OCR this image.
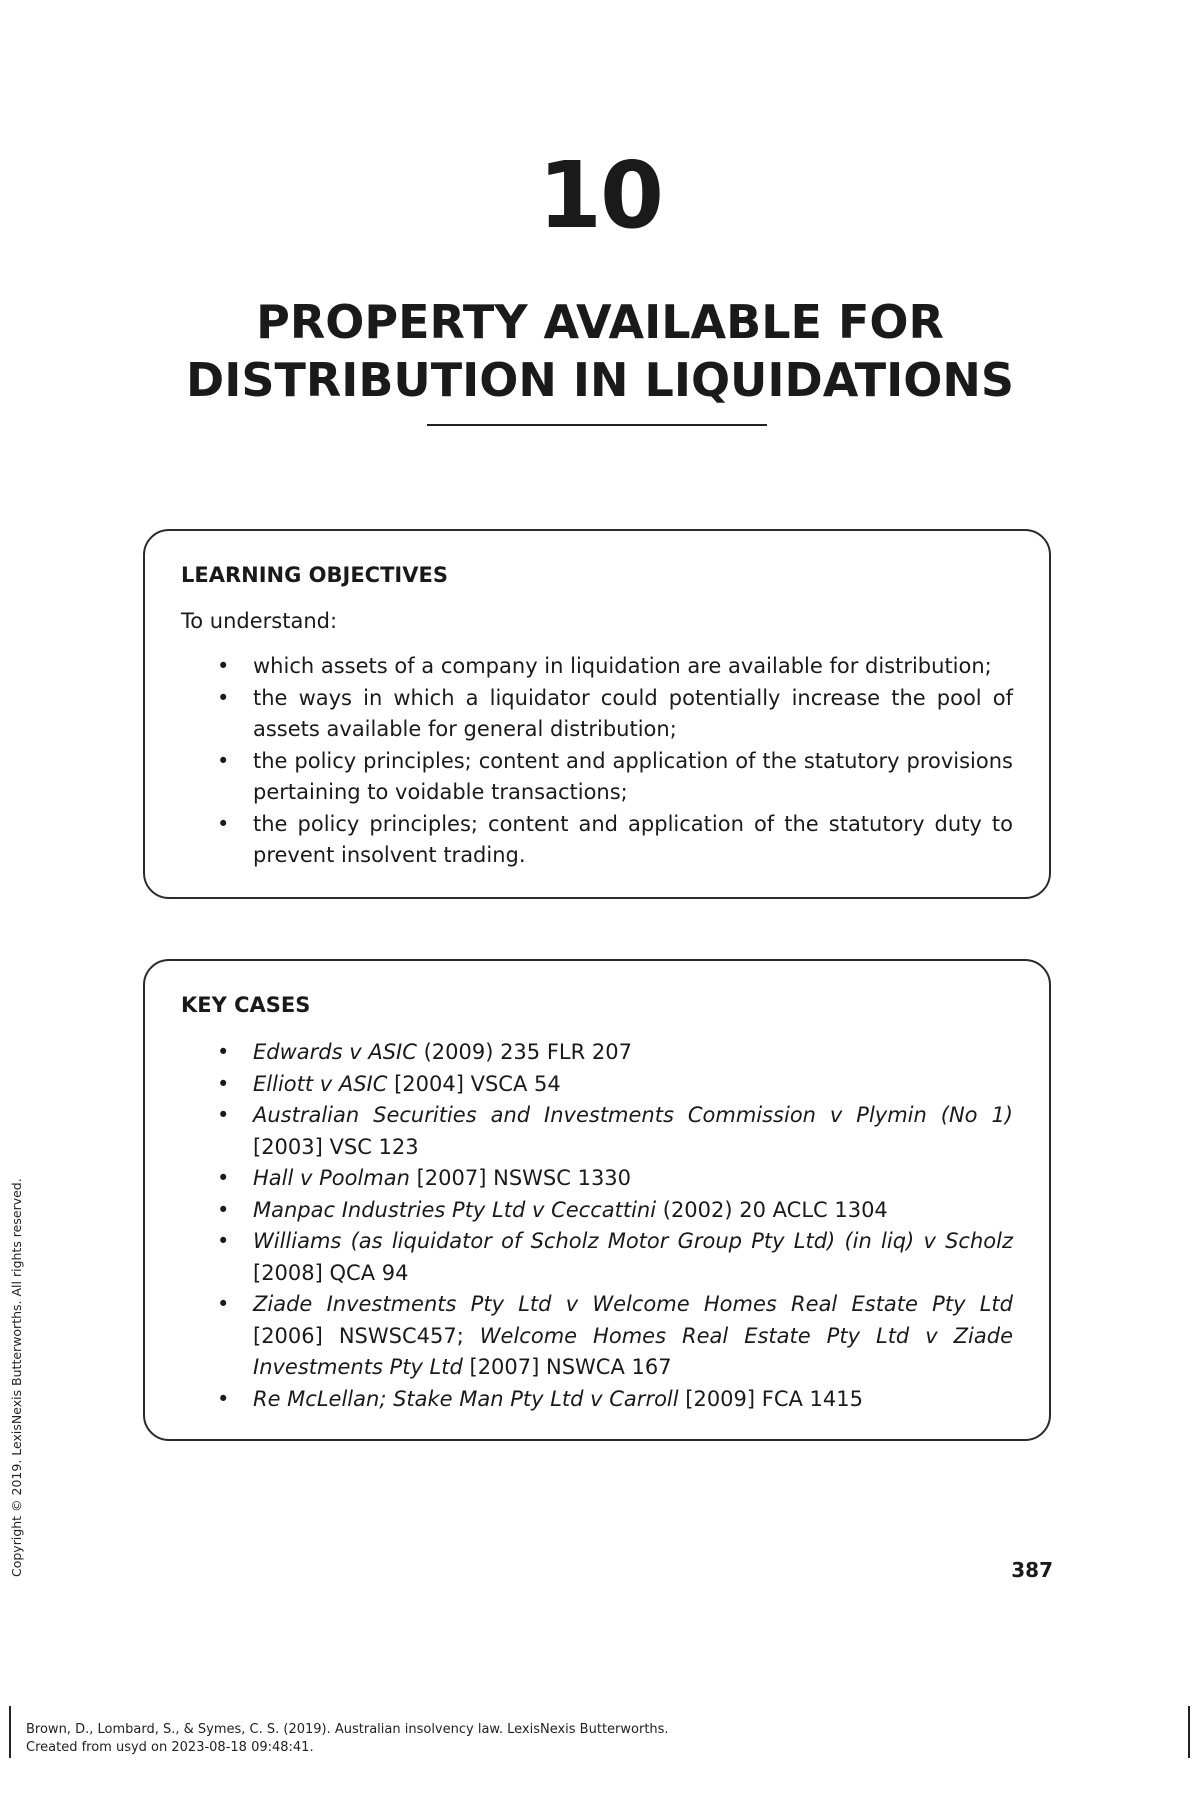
10
PROPERTY AVAILABLE FOR
DISTRIBUTION IN LIQUIDATIONS

LEARNING OBJECTIVES

To understand:

• which assets of a company in liquidation are available for distribution;
• the ways in which a liquidator could potentially increase the pool of assets available for general distribution;
• the policy principles; content and application of the statutory provisions pertaining to voidable transactions;
• the policy principles; content and application of the statutory duty to prevent insolvent trading.

KEY CASES

• Edwards v ASIC (2009) 235 FLR 207
• Elliott v ASIC [2004] VSCA 54
• Australian Securities and Investments Commission v Plymin (No 1) [2003] VSC 123
• Hall v Poolman [2007] NSWSC 1330
• Manpac Industries Pty Ltd v Ceccattini (2002) 20 ACLC 1304
• Williams (as liquidator of Scholz Motor Group Pty Ltd) (in liq) v Scholz [2008] QCA 94
• Ziade Investments Pty Ltd v Welcome Homes Real Estate Pty Ltd [2006] NSWSC457; Welcome Homes Real Estate Pty Ltd v Ziade Investments Pty Ltd [2007] NSWCA 167
• Re McLellan; Stake Man Pty Ltd v Carroll [2009] FCA 1415
387
Copyright © 2019. LexisNexis Butterworths. All rights reserved.
Brown, D., Lombard, S., & Symes, C. S. (2019). Australian insolvency law. LexisNexis Butterworths.
Created from usyd on 2023-08-18 09:48:41.
